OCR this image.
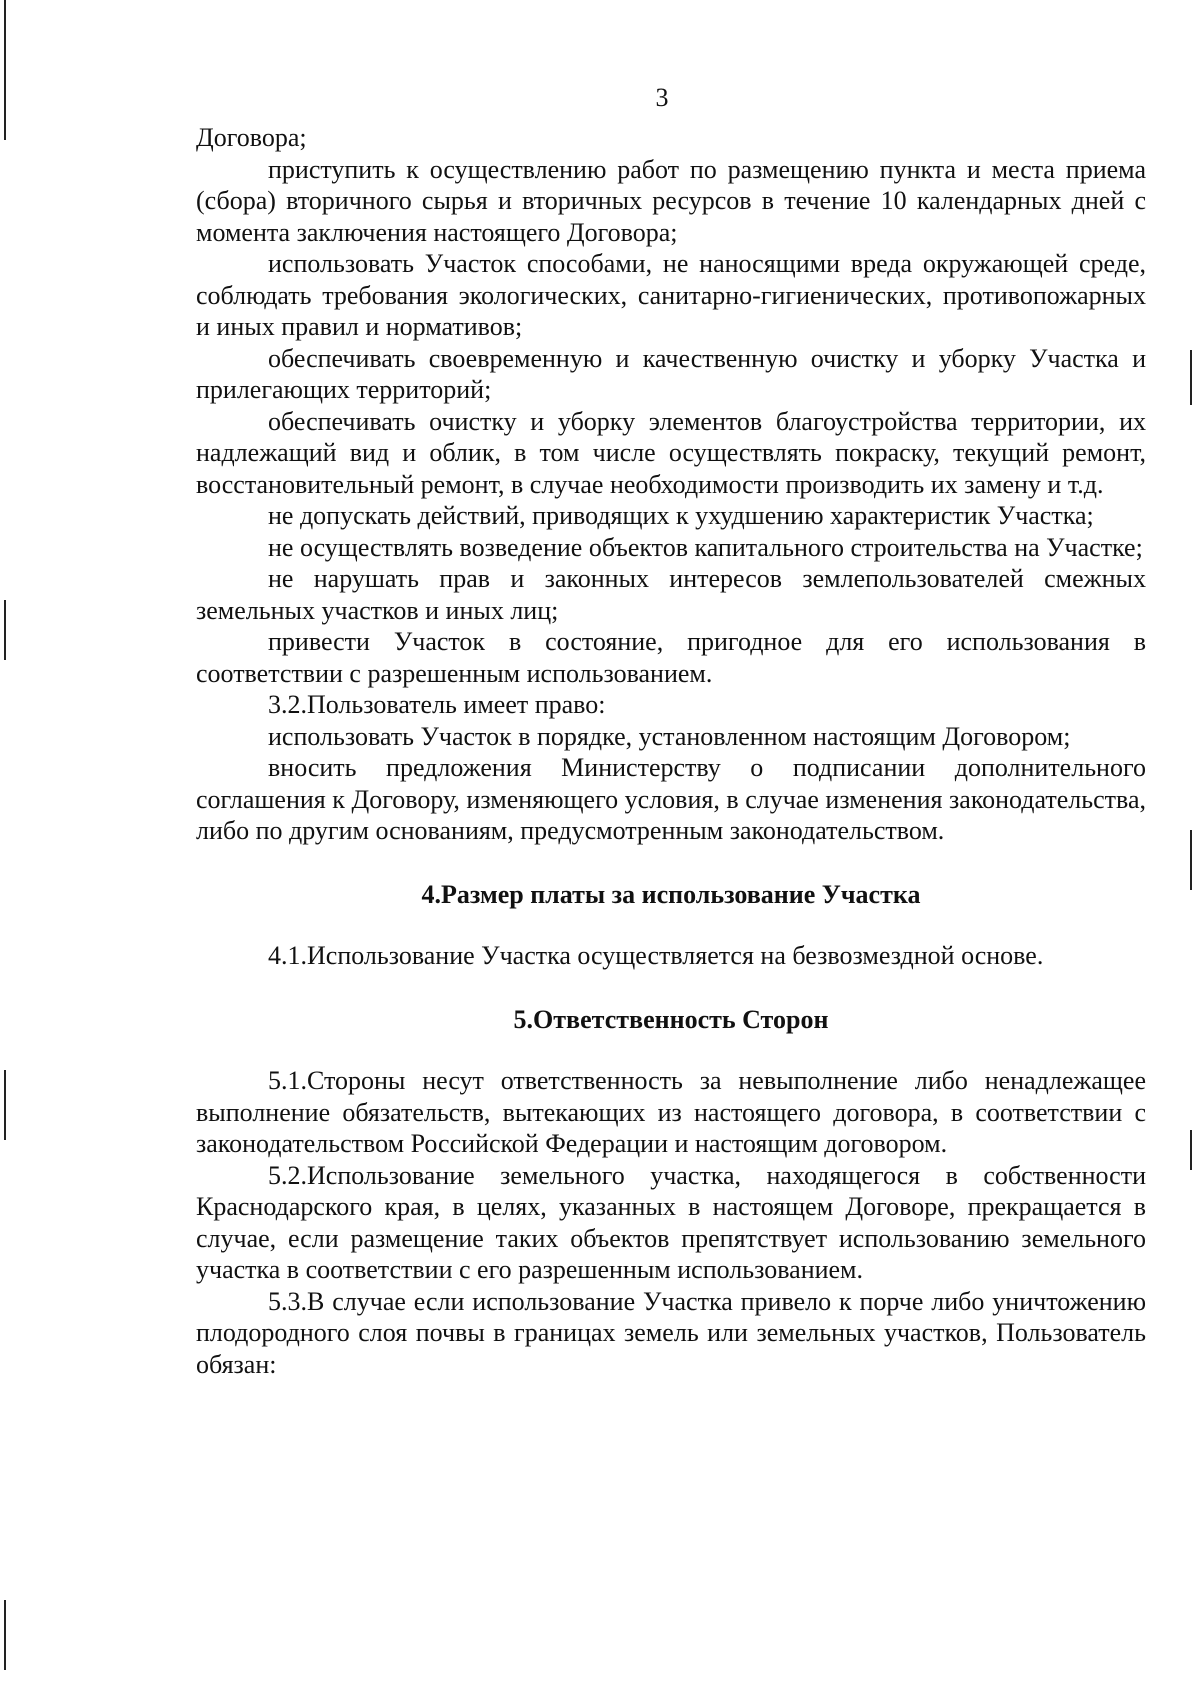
3

Договора;

приступить к осуществлению работ по размещению пункта и места приема (сбора) вторичного сырья и вторичных ресурсов в течение 10 календарных дней с момента заключения настоящего Договора;

использовать Участок способами, не наносящими вреда окружающей среде, соблюдать требования экологических, санитарно-гигиенических, противопожарных и иных правил и нормативов;

обеспечивать своевременную и качественную очистку и уборку Участка и прилегающих территорий;

обеспечивать очистку и уборку элементов благоустройства территории, их надлежащий вид и облик, в том числе осуществлять покраску, текущий ремонт, восстановительный ремонт, в случае необходимости производить их замену и т.д.

не допускать действий, приводящих к ухудшению характеристик Участка;

не осуществлять возведение объектов капитального строительства на Участке;

не нарушать прав и законных интересов землепользователей смежных земельных участков и иных лиц;

привести Участок в состояние, пригодное для его использования в соответствии с разрешенным использованием.

3.2.Пользователь имеет право:

использовать Участок в порядке, установленном настоящим Договором;

вносить предложения Министерству о подписании дополнительного соглашения к Договору, изменяющего условия, в случае изменения законодательства, либо по другим основаниям, предусмотренным законодательством.

4.Размер платы за использование Участка

4.1.Использование Участка осуществляется на безвозмездной основе.

5.Ответственность Сторон

5.1.Стороны несут ответственность за невыполнение либо ненадлежащее выполнение обязательств, вытекающих из настоящего договора, в соответствии с законодательством Российской Федерации и настоящим договором.

5.2.Использование земельного участка, находящегося в собственности Краснодарского края, в целях, указанных в настоящем Договоре, прекращается в случае, если размещение таких объектов препятствует использованию земельного участка в соответствии с его разрешенным использованием.

5.3.В случае если использование Участка привело к порче либо уничтожению плодородного слоя почвы в границах земель или земельных участков, Пользователь обязан:
